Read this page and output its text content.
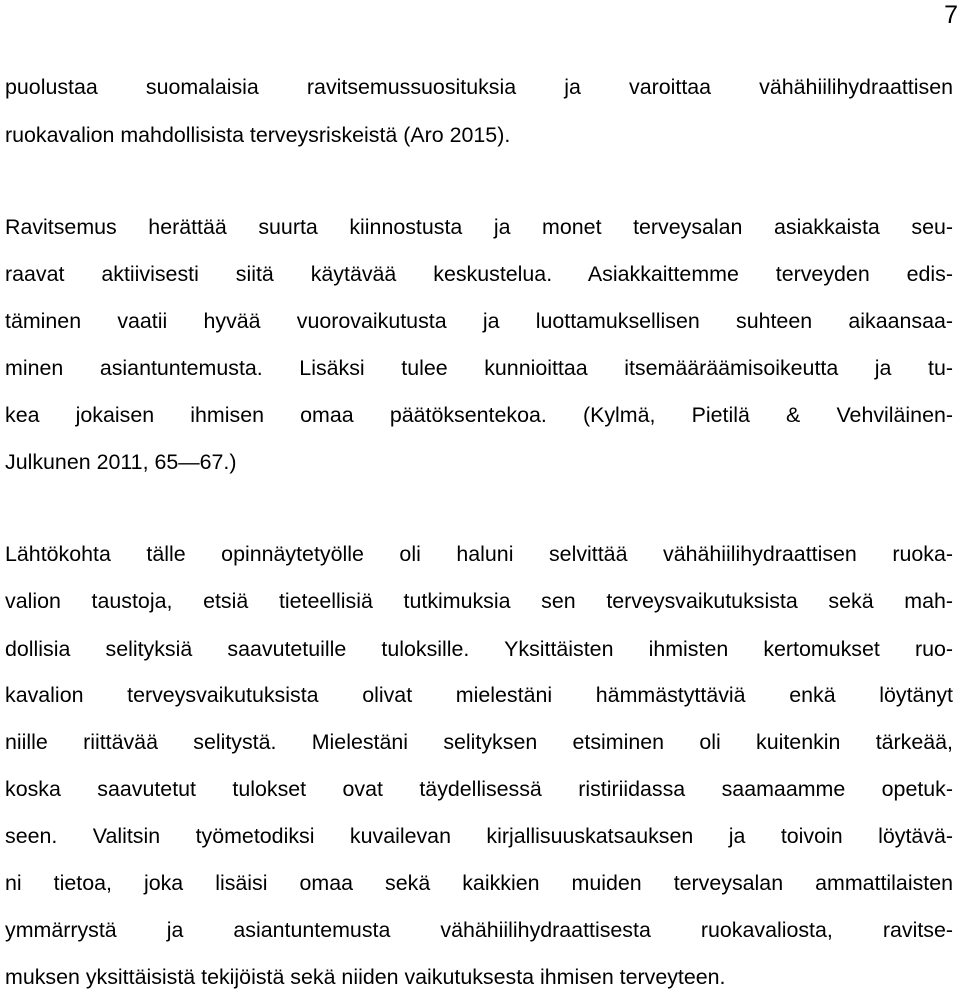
7
puolustaa suomalaisia ravitsemussuosituksia ja varoittaa vähähiilihydraattisen
ruokavalion mahdollisista terveysriskeistä (Aro 2015).
Ravitsemus herättää suurta kiinnostusta ja monet terveysalan asiakkaista seu-
raavat aktiivisesti siitä käytävää keskustelua. Asiakkaittemme terveyden edis-
täminen vaatii hyvää vuorovaikutusta ja luottamuksellisen suhteen aikaansaa-
minen asiantuntemusta. Lisäksi tulee kunnioittaa itsemääräämisoikeutta ja tu-
kea jokaisen ihmisen omaa päätöksentekoa. (Kylmä, Pietilä & Vehviläinen-
Julkunen 2011, 65—67.)
Lähtökohta tälle opinnäytetyölle oli haluni selvittää vähähiilihydraattisen ruoka-
valion taustoja, etsiä tieteellisiä tutkimuksia sen terveysvaikutuksista sekä mah-
dollisia selityksiä saavutetuille tuloksille. Yksittäisten ihmisten kertomukset ruo-
kavalion terveysvaikutuksista olivat mielestäni hämmästyttäviä enkä löytänyt
niille riittävää selitystä. Mielestäni selityksen etsiminen oli kuitenkin tärkeää,
koska saavutetut tulokset ovat täydellisessä ristiriidassa saamaamme opetuk-
seen. Valitsin työmetodiksi kuvailevan kirjallisuuskatsauksen ja toivoin löytävä-
ni tietoa, joka lisäisi omaa sekä kaikkien muiden terveysalan ammattilaisten
ymmärrystä ja asiantuntemusta vähähiilihydraattisesta ruokavaliosta, ravitse-
muksen yksittäisistä tekijöistä sekä niiden vaikutuksesta ihmisen terveyteen.
